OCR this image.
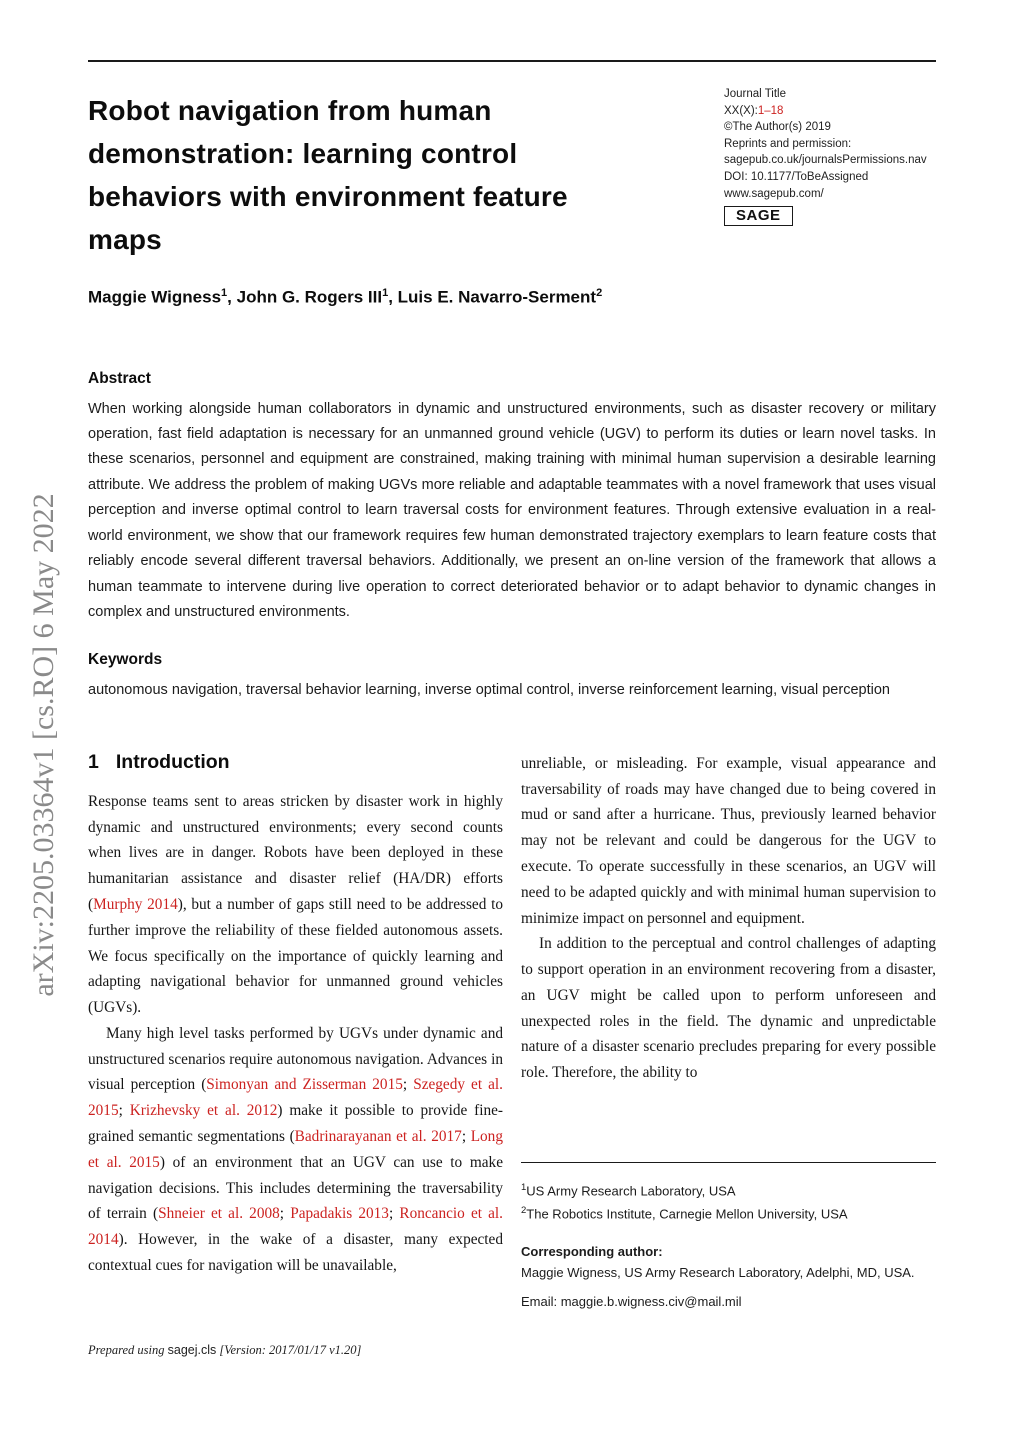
arXiv:2205.03364v1 [cs.RO] 6 May 2022
Robot navigation from human
demonstration: learning control
behaviors with environment feature
maps
Journal Title
XX(X):1–18
©The Author(s) 2019
Reprints and permission:
sagepub.co.uk/journalsPermissions.nav
DOI: 10.1177/ToBeAssigned
www.sagepub.com/
SAGE
Maggie Wigness$^1$, John G. Rogers III$^1$, Luis E. Navarro-Serment$^2$
Abstract
When working alongside human collaborators in dynamic and unstructured environments, such as disaster recovery or military operation, fast field adaptation is necessary for an unmanned ground vehicle (UGV) to perform its duties or learn novel tasks. In these scenarios, personnel and equipment are constrained, making training with minimal human supervision a desirable learning attribute. We address the problem of making UGVs more reliable and adaptable teammates with a novel framework that uses visual perception and inverse optimal control to learn traversal costs for environment features. Through extensive evaluation in a real-world environment, we show that our framework requires few human demonstrated trajectory exemplars to learn feature costs that reliably encode several different traversal behaviors. Additionally, we present an on-line version of the framework that allows a human teammate to intervene during live operation to correct deteriorated behavior or to adapt behavior to dynamic changes in complex and unstructured environments.
Keywords
autonomous navigation, traversal behavior learning, inverse optimal control, inverse reinforcement learning, visual perception
1 Introduction
Response teams sent to areas stricken by disaster work in highly dynamic and unstructured environments; every second counts when lives are in danger. Robots have been deployed in these humanitarian assistance and disaster relief (HA/DR) efforts (Murphy 2014), but a number of gaps still need to be addressed to further improve the reliability of these fielded autonomous assets. We focus specifically on the importance of quickly learning and adapting navigational behavior for unmanned ground vehicles (UGVs).
Many high level tasks performed by UGVs under dynamic and unstructured scenarios require autonomous navigation. Advances in visual perception (Simonyan and Zisserman 2015; Szegedy et al. 2015; Krizhevsky et al. 2012) make it possible to provide fine-grained semantic segmentations (Badrinarayanan et al. 2017; Long et al. 2015) of an environment that an UGV can use to make navigation decisions. This includes determining the traversability of terrain (Shneier et al. 2008; Papadakis 2013; Roncancio et al. 2014). However, in the wake of a disaster, many expected contextual cues for navigation will be unavailable,
unreliable, or misleading. For example, visual appearance and traversability of roads may have changed due to being covered in mud or sand after a hurricane. Thus, previously learned behavior may not be relevant and could be dangerous for the UGV to execute. To operate successfully in these scenarios, an UGV will need to be adapted quickly and with minimal human supervision to minimize impact on personnel and equipment.
In addition to the perceptual and control challenges of adapting to support operation in an environment recovering from a disaster, an UGV might be called upon to perform unforeseen and unexpected roles in the field. The dynamic and unpredictable nature of a disaster scenario precludes preparing for every possible role. Therefore, the ability to
$^1$US Army Research Laboratory, USA
$^2$The Robotics Institute, Carnegie Mellon University, USA
Corresponding author:
Maggie Wigness, US Army Research Laboratory, Adelphi, MD, USA.
Email: maggie.b.wigness.civ@mail.mil
Prepared using sagej.cls [Version: 2017/01/17 v1.20]
